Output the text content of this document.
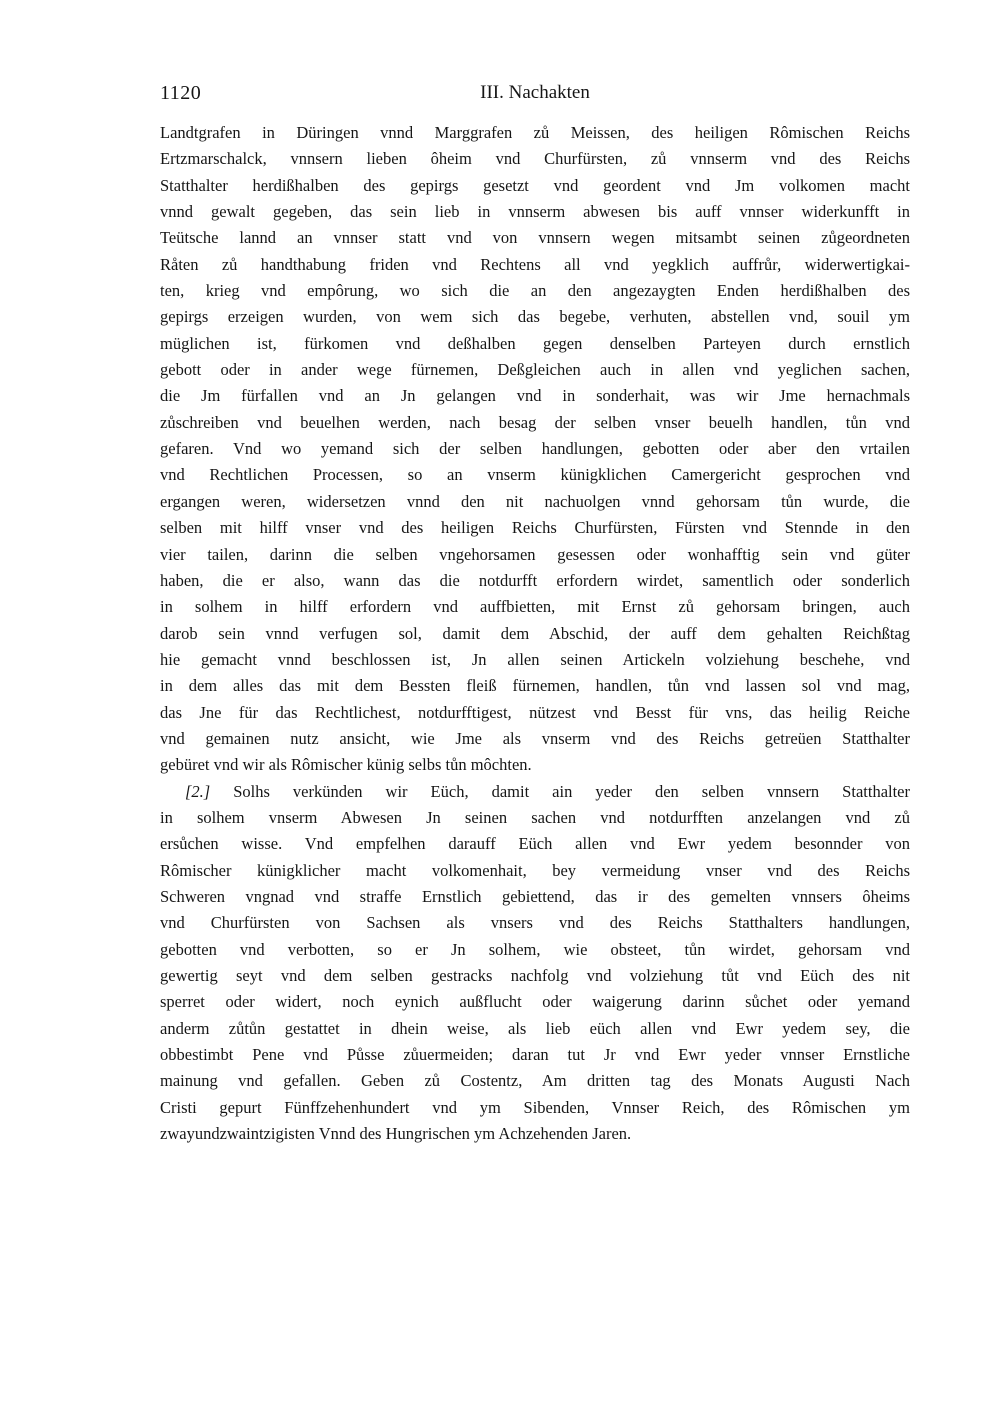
1120	III. Nachakten
Landtgrafen in Düringen vnnd Marggrafen zů Meissen, des heiligen Rômischen Reichs
Ertzmarschalck, vnnsern lieben ôheim vnd Churfürsten, zů vnnserm vnd des Reichs
Statthalter herdißhalben des gepirgs gesetzt vnd geordent vnd Jm volkomen macht
vnnd gewalt gegeben, das sein lieb in vnnserm abwesen bis auff vnnser widerkunfft in
Teütsche lannd an vnnser statt vnd von vnnsern wegen mitsambt seinen zůgeordneten
Råten zů handthabung friden vnd Rechtens all vnd yegklich auffrůr, widerwertigkai-
ten, krieg vnd empôrung, wo sich die an den angezaygten Enden herdißhalben des
gepirgs erzeigen wurden, von wem sich das begebe, verhuten, abstellen vnd, souil ym
müglichen ist, fürkomen vnd deßhalben gegen denselben Parteyen durch ernstlich
gebott oder in ander wege fürnemen, Deßgleichen auch in allen vnd yeglichen sachen,
die Jm fürfallen vnd an Jn gelangen vnd in sonderhait, was wir Jme hernachmals
zůschreiben vnd beuelhen werden, nach besag der selben vnser beuelh handlen, tůn vnd
gefaren. Vnd wo yemand sich der selben handlungen, gebotten oder aber den vrtailen
vnd Rechtlichen Processen, so an vnserm künigklichen Camergericht gesprochen vnd
ergangen weren, widersetzen vnnd den nit nachuolgen vnnd gehorsam tůn wurde, die
selben mit hilff vnser vnd des heiligen Reichs Churfürsten, Fürsten vnd Stennde in den
vier tailen, darinn die selben vngehorsamen gesessen oder wonhafftig sein vnd güter
haben, die er also, wann das die notdurfft erfordern wirdet, samentlich oder sonderlich
in solhem in hilff erfordern vnd auffbietten, mit Ernst zů gehorsam bringen, auch
darob sein vnnd verfugen sol, damit dem Abschid, der auff dem gehalten Reichßtag
hie gemacht vnnd beschlossen ist, Jn allen seinen Artickeln volziehung beschehe, vnd
in dem alles das mit dem Bessten fleiß fürnemen, handlen, tůn vnd lassen sol vnd mag,
das Jne für das Rechtlichest, notdurfftigest, nützest vnd Besst für vns, das heilig Reiche
vnd gemainen nutz ansicht, wie Jme als vnserm vnd des Reichs getreüen Statthalter
gebüret vnd wir als Rômischer künig selbs tůn môchten.
[2.] Solhs verkünden wir Eüch, damit ain yeder den selben vnnsern Statthalter
in solhem vnserm Abwesen Jn seinen sachen vnd notdurfften anzelangen vnd zů
ersůchen wisse. Vnd empfelhen darauff Eüch allen vnd Ewr yedem besonnder von
Rômischer künigklicher macht volkomenhait, bey vermeidung vnser vnd des Reichs
Schweren vngnad vnd straffe Ernstlich gebiettend, das ir des gemelten vnnsers ôheims
vnd Churfürsten von Sachsen als vnsers vnd des Reichs Statthalters handlungen,
gebotten vnd verbotten, so er Jn solhem, wie obsteet, tůn wirdet, gehorsam vnd
gewertig seyt vnd dem selben gestracks nachfolg vnd volziehung tůt vnd Eüch des nit
sperret oder widert, noch eynich außflucht oder waigerung darinn sůchet oder yemand
anderm zůtůn gestattet in dhein weise, als lieb eüch allen vnd Ewr yedem sey, die
obbestimbt Pene vnd Půsse zůuermeiden; daran tut Jr vnd Ewr yeder vnnser Ernstliche
mainung vnd gefallen. Geben zů Costentz, Am dritten tag des Monats Augusti Nach
Cristi gepurt Fünffzehenhundert vnd ym Sibenden, Vnnser Reich, des Rômischen ym
zwayundzwaintzigisten Vnnd des Hungrischen ym Achzehenden Jaren.
